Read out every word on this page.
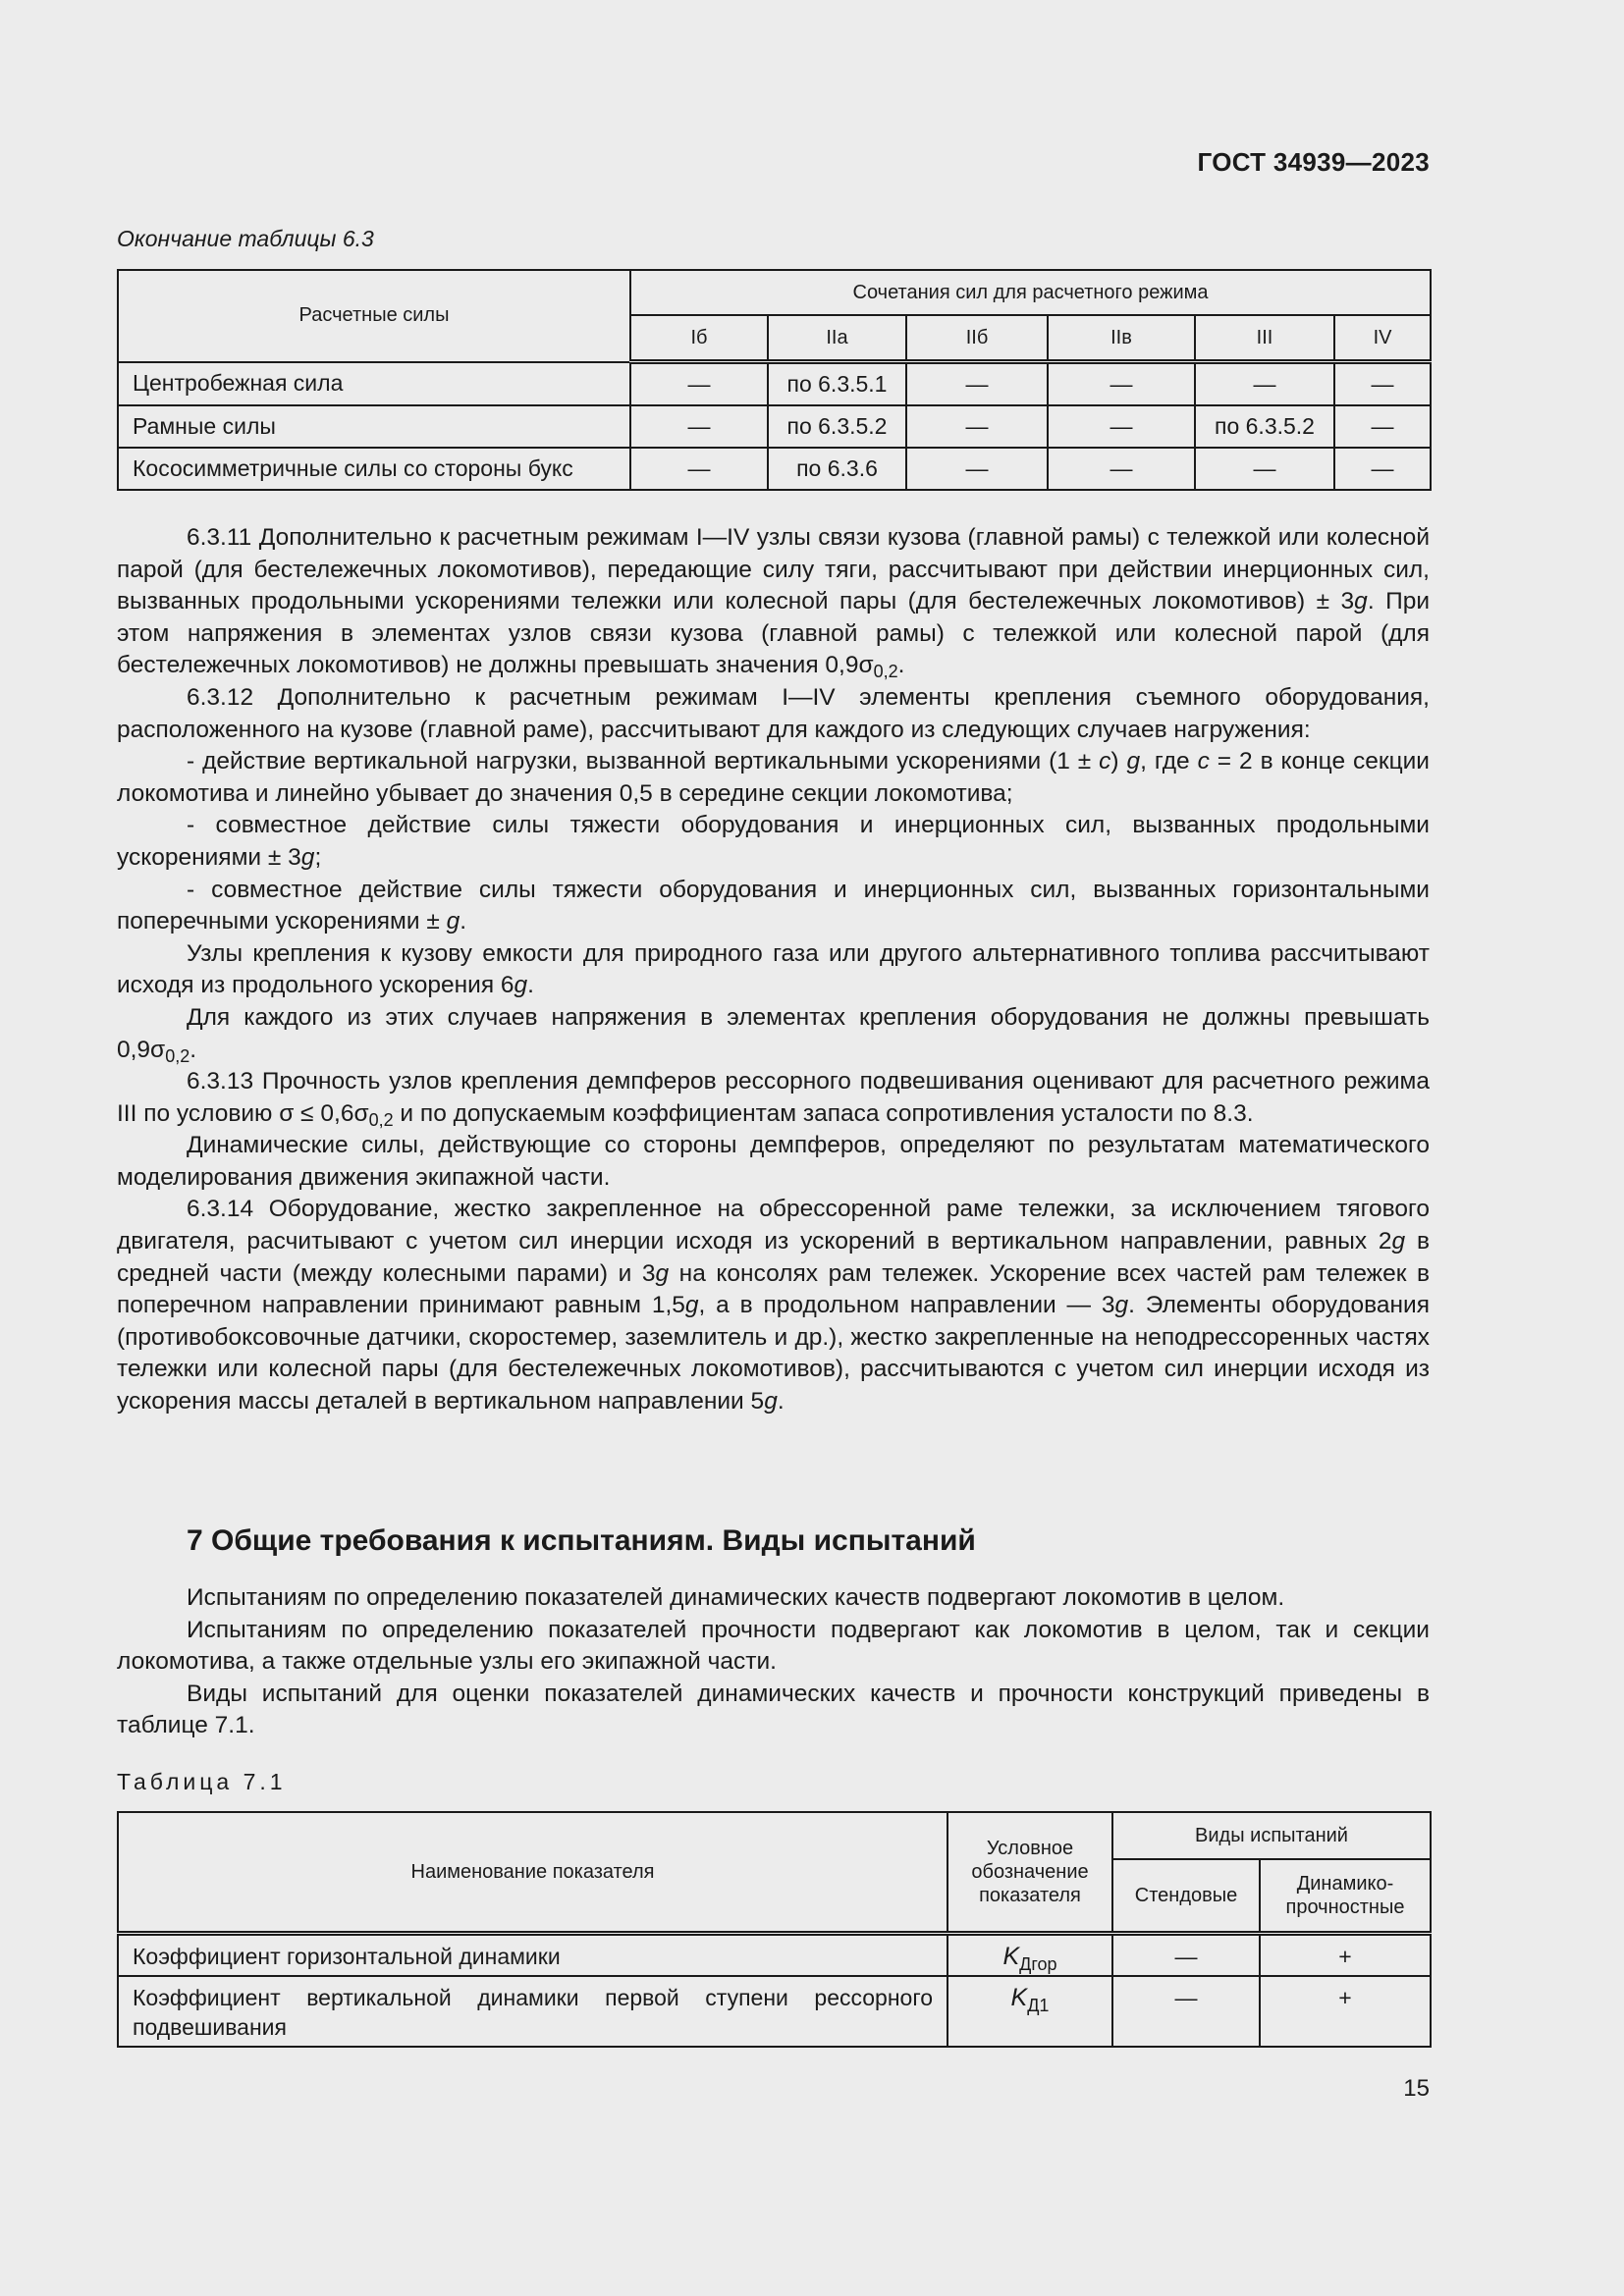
ГОСТ 34939—2023
Окончание таблицы 6.3
Расчетные силы	Сочетания сил для расчетного режима					
	Iб	IIа	IIб	IIв	III	IV
Центробежная сила	—	по 6.3.5.1	—	—	—	—
Рамные силы	—	по 6.3.5.2	—	—	по 6.3.5.2	—
Кососимметричные силы со стороны букс	—	по 6.3.6	—	—	—	—

6.3.11 Дополнительно к расчетным режимам I—IV узлы связи кузова (главной рамы) с тележкой или колесной парой (для бестележечных локомотивов), передающие силу тяги, рассчитывают при действии инерционных сил, вызванных продольными ускорениями тележки или колесной пары (для бестележечных локомотивов) ± 3g. При этом напряжения в элементах узлов связи кузова (главной рамы) с тележкой или колесной парой (для бестележечных локомотивов) не должны превышать значения $0,9\sigma_{0,2}$.

6.3.12 Дополнительно к расчетным режимам I—IV элементы крепления съемного оборудования, расположенного на кузове (главной раме), рассчитывают для каждого из следующих случаев нагружения:

- действие вертикальной нагрузки, вызванной вертикальными ускорениями (1 ± c) g, где c = 2 в конце секции локомотива и линейно убывает до значения 0,5 в середине секции локомотива;

- совместное действие силы тяжести оборудования и инерционных сил, вызванных продольными ускорениями ± 3g;

- совместное действие силы тяжести оборудования и инерционных сил, вызванных горизонтальными поперечными ускорениями ± g.

Узлы крепления к кузову емкости для природного газа или другого альтернативного топлива рассчитывают исходя из продольного ускорения 6g.

Для каждого из этих случаев напряжения в элементах крепления оборудования не должны превышать $0,9\sigma_{0,2}$.

6.3.13 Прочность узлов крепления демпферов рессорного подвешивания оценивают для расчетного режима III по условию $\sigma \le 0,6\sigma_{0,2}$ и по допускаемым коэффициентам запаса сопротивления усталости по 8.3.

Динамические силы, действующие со стороны демпферов, определяют по результатам математического моделирования движения экипажной части.

6.3.14 Оборудование, жестко закрепленное на обрессоренной раме тележки, за исключением тягового двигателя, расчитывают с учетом сил инерции исходя из ускорений в вертикальном направлении, равных 2g в средней части (между колесными парами) и 3g на консолях рам тележек. Ускорение всех частей рам тележек в поперечном направлении принимают равным 1,5g, а в продольном направлении — 3g. Элементы оборудования (противобоксовочные датчики, скоростемер, заземлитель и др.), жестко закрепленные на неподрессоренных частях тележки или колесной пары (для бестележечных локомотивов), рассчитываются с учетом сил инерции исходя из ускорения массы деталей в вертикальном направлении 5g.

7 Общие требования к испытаниям. Виды испытаний

Испытаниям по определению показателей динамических качеств подвергают локомотив в целом.

Испытаниям по определению показателей прочности подвергают как локомотив в целом, так и секции локомотива, а также отдельные узлы его экипажной части.

Виды испытаний для оценки показателей динамических качеств и прочности конструкций приведены в таблице 7.1.

Таблица 7.1
Наименование показателя	Условное обозначение показателя	Виды испытаний	
		Стендовые	Динамико-прочностные
Коэффициент горизонтальной динамики	$K_{Дгор}$	—	+
Коэффициент вертикальной динамики первой ступени рессорного подвешивания	$K_{Д1}$	—	+
15
